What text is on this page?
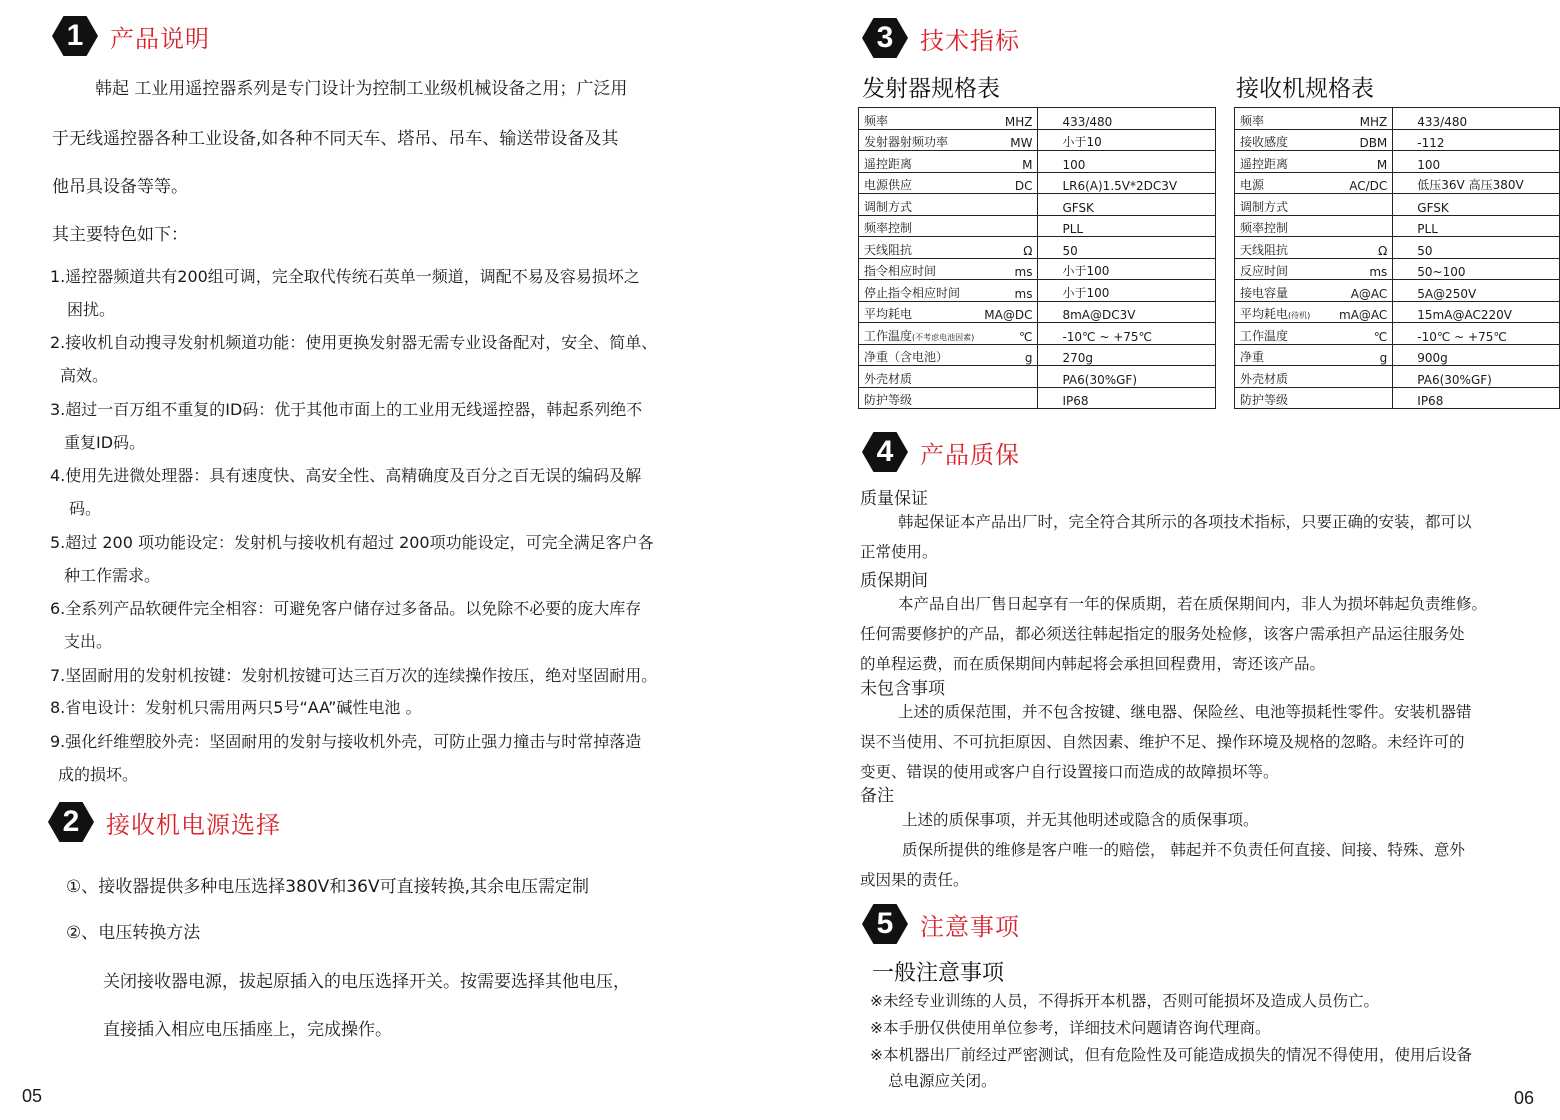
1	产品说明
韩起 工业用遥控器系列是专门设计为控制工业级机械设备之用；广泛用
于无线遥控器各种工业设备,如各种不同天车、塔吊、吊车、输送带设备及其
他吊具设备等等。
其主要特色如下：
1.遥控器频道共有200组可调，完全取代传统石英单一频道，调配不易及容易损坏之
困扰。
2.接收机自动搜寻发射机频道功能：使用更换发射器无需专业设备配对，安全、简单、
高效。
3.超过一百万组不重复的ID码：优于其他市面上的工业用无线遥控器，韩起系列绝不
重复ID码。
4.使用先进微处理器：具有速度快、高安全性、高精确度及百分之百无误的编码及解
码。
5.超过 200 项功能设定：发射机与接收机有超过 200项功能设定，可完全满足客户各
种工作需求。
6.全系列产品软硬件完全相容：可避免客户储存过多备品。以免除不必要的庞大库存
支出。
7.坚固耐用的发射机按键：发射机按键可达三百万次的连续操作按压，绝对坚固耐用。
8.省电设计：发射机只需用两只5号“AA”碱性电池 。
9.强化纤维塑胶外壳：坚固耐用的发射与接收机外壳，可防止强力撞击与时常掉落造
成的损坏。
2	接收机电源选择
①、接收器提供多种电压选择380V和36V可直接转换,其余电压需定制
②、电压转换方法
关闭接收器电源，拔起原插入的电压选择开关。按需要选择其他电压，
直接插入相应电压插座上，完成操作。
05
3	技术指标
发射器规格表	接收机规格表
频率	MHZ	433/480
发射器射频功率	MW	小于10
遥控距离	M	100
电源供应	DC	LR6(A)1.5V*2DC3V
调制方式		GFSK
频率控制		PLL
天线阻抗	Ω	50
指令相应时间	ms	小于100
停止指令相应时间	ms	小于100
平均耗电	MA@DC	8mA@DC3V
工作温度(不考虑电池因素)	℃	-10℃ ~ +75℃
净重（含电池）	g	270g
外壳材质		PA6(30%GF)
防护等级		IP68
频率	MHZ	433/480
接收感度	DBM	-112
遥控距离	M	100
电源	AC/DC	低压36V 高压380V
调制方式		GFSK
频率控制		PLL
天线阻抗	Ω	50
反应时间	ms	50~100
接电容量	A@AC	5A@250V
平均耗电(待机)	mA@AC	15mA@AC220V
工作温度	℃	-10℃ ~ +75℃
净重	g	900g
外壳材质		PA6(30%GF)
防护等级		IP68
4	产品质保
质量保证
韩起保证本产品出厂时，完全符合其所示的各项技术指标，只要正确的安装，都可以
正常使用。
质保期间
本产品自出厂售日起享有一年的保质期，若在质保期间内，非人为损坏韩起负责维修。
任何需要修护的产品，都必须送往韩起指定的服务处检修，该客户需承担产品运往服务处
的单程运费，而在质保期间内韩起将会承担回程费用，寄还该产品。
未包含事项
上述的质保范围，并不包含按键、继电器、保险丝、电池等损耗性零件。安装机器错
误不当使用、不可抗拒原因、自然因素、维护不足、操作环境及规格的忽略。未经许可的
变更、错误的使用或客户自行设置接口而造成的故障损坏等。
备注
上述的质保事项，并无其他明述或隐含的质保事项。
质保所提供的维修是客户唯一的赔偿， 韩起并不负责任何直接、间接、特殊、意外
或因果的责任。
5	注意事项
一般注意事项
※未经专业训练的人员，不得拆开本机器，否则可能损坏及造成人员伤亡。
※本手册仅供使用单位参考，详细技术问题请咨询代理商。
※本机器出厂前经过严密测试，但有危险性及可能造成损失的情况不得使用，使用后设备
总电源应关闭。
06
